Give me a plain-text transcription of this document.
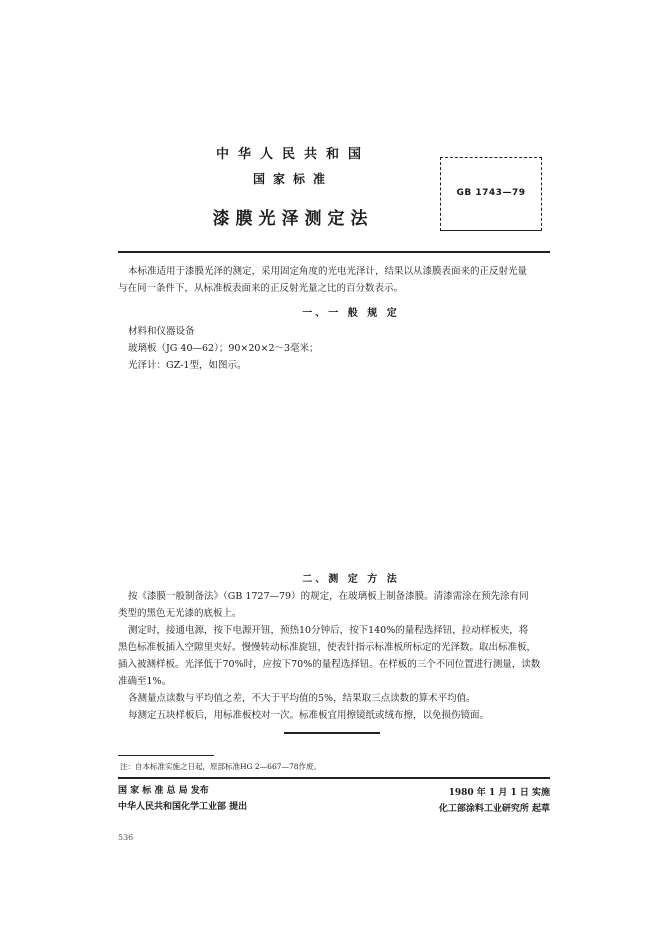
中华人民共和国
国家标准
漆膜光泽测定法
GB 1743—79
本标准适用于漆膜光泽的测定，采用固定角度的光电光泽计，结果以从漆膜表面来的正反射光量
与在同一条件下，从标准板表面来的正反射光量之比的百分数表示。
一、一 般 规 定
材料和仪器设备
玻璃板（JG 40—62）；90×20×2～3毫米；
光泽计：GZ-1型，如图示。
二、测 定 方 法
按《漆膜一般制备法》（GB 1727—79）的规定，在玻璃板上制备漆膜。清漆需涂在预先涂有同
类型的黑色无光漆的底板上。
测定时，接通电源，按下电源开钮，预热10分钟后，按下140%的量程选择钮，拉动样板夹，将
黑色标准板插入空隙里夹好。慢慢转动标准旋钮，使表针指示标准板所标定的光泽数。取出标准板，
插入被测样板。光泽低于70%时，应按下70%的量程选择钮。在样板的三个不同位置进行测量，读数
准确至1%。
各测量点读数与平均值之差，不大于平均值的5%，结果取三点读数的算术平均值。
每测定五块样板后，用标准板校对一次。标准板宜用擦镜纸或绒布擦，以免损伤镜面。
注：自本标准实施之日起，原部标准HG 2—667—78作废。
国 家 标 准 总 局 发布
中华人民共和国化学工业部 提出
1980 年 1 月 1 日 实施
化工部涂料工业研究所 起草
536
